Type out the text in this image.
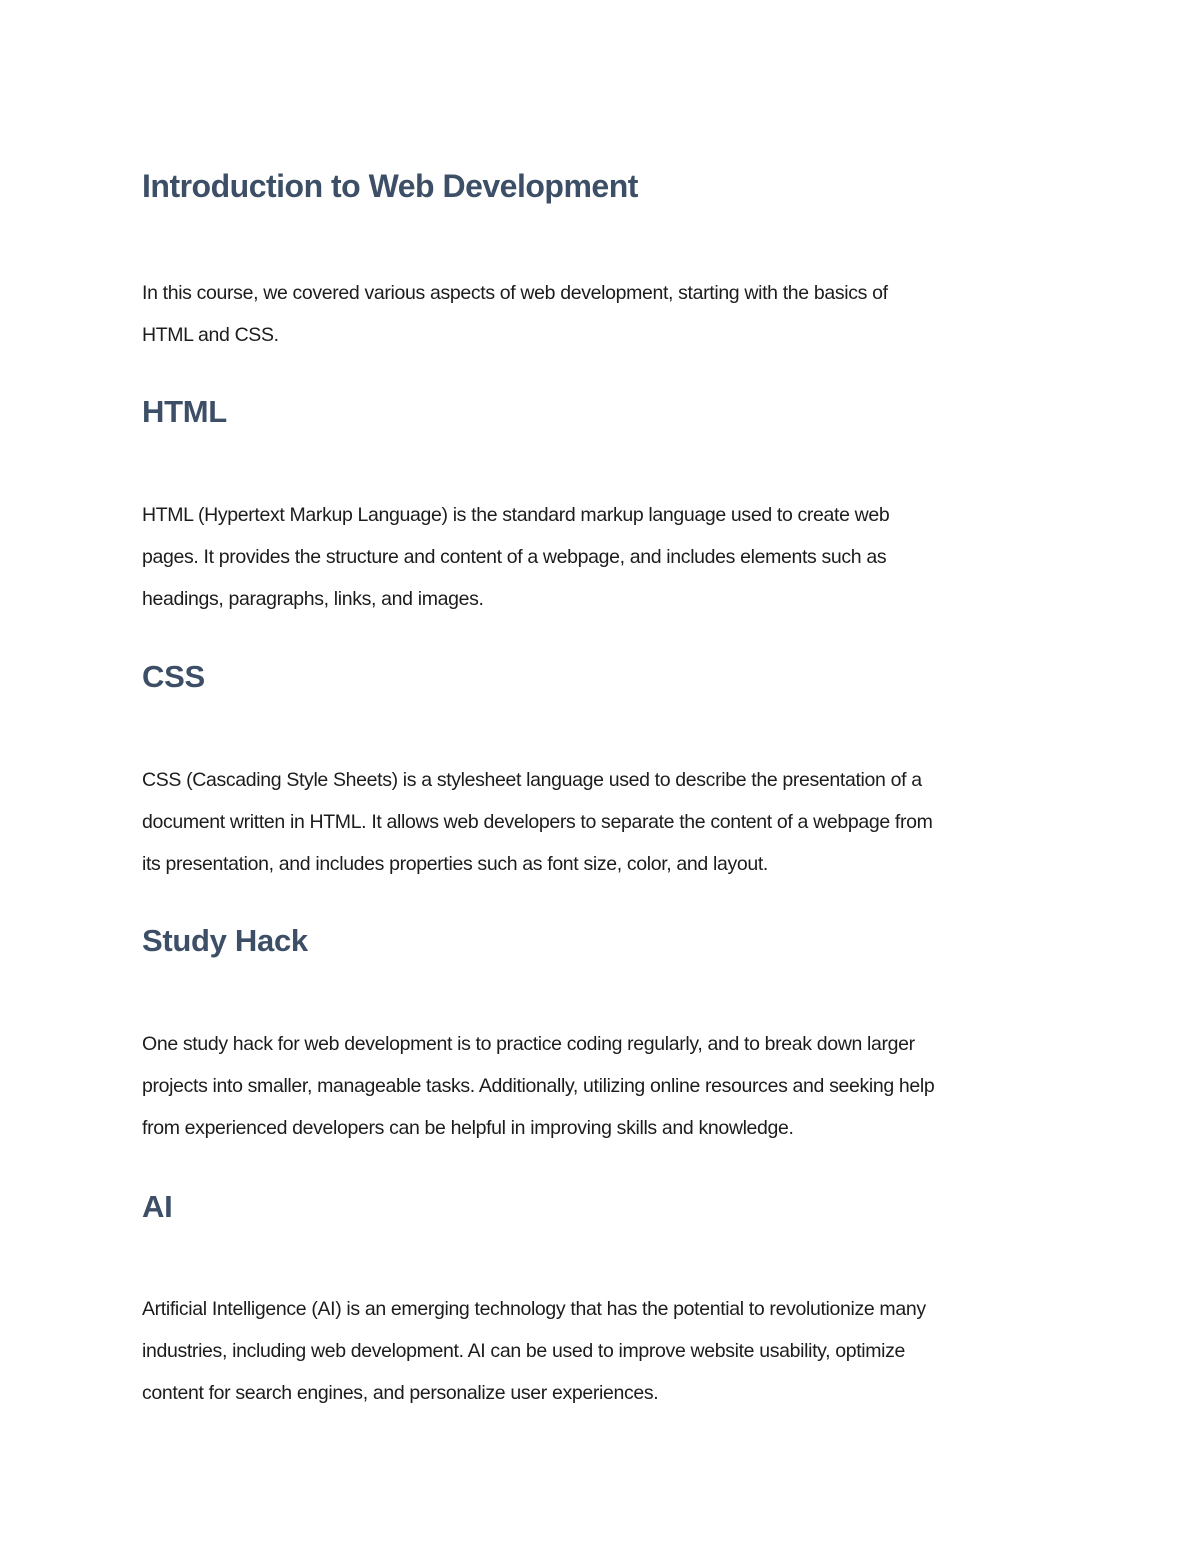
Introduction to Web Development

In this course, we covered various aspects of web development, starting with the basics of
HTML and CSS.

HTML

HTML (Hypertext Markup Language) is the standard markup language used to create web
pages. It provides the structure and content of a webpage, and includes elements such as
headings, paragraphs, links, and images.

CSS

CSS (Cascading Style Sheets) is a stylesheet language used to describe the presentation of a
document written in HTML. It allows web developers to separate the content of a webpage from
its presentation, and includes properties such as font size, color, and layout.

Study Hack

One study hack for web development is to practice coding regularly, and to break down larger
projects into smaller, manageable tasks. Additionally, utilizing online resources and seeking help
from experienced developers can be helpful in improving skills and knowledge.

AI

Artificial Intelligence (AI) is an emerging technology that has the potential to revolutionize many
industries, including web development. AI can be used to improve website usability, optimize
content for search engines, and personalize user experiences.
